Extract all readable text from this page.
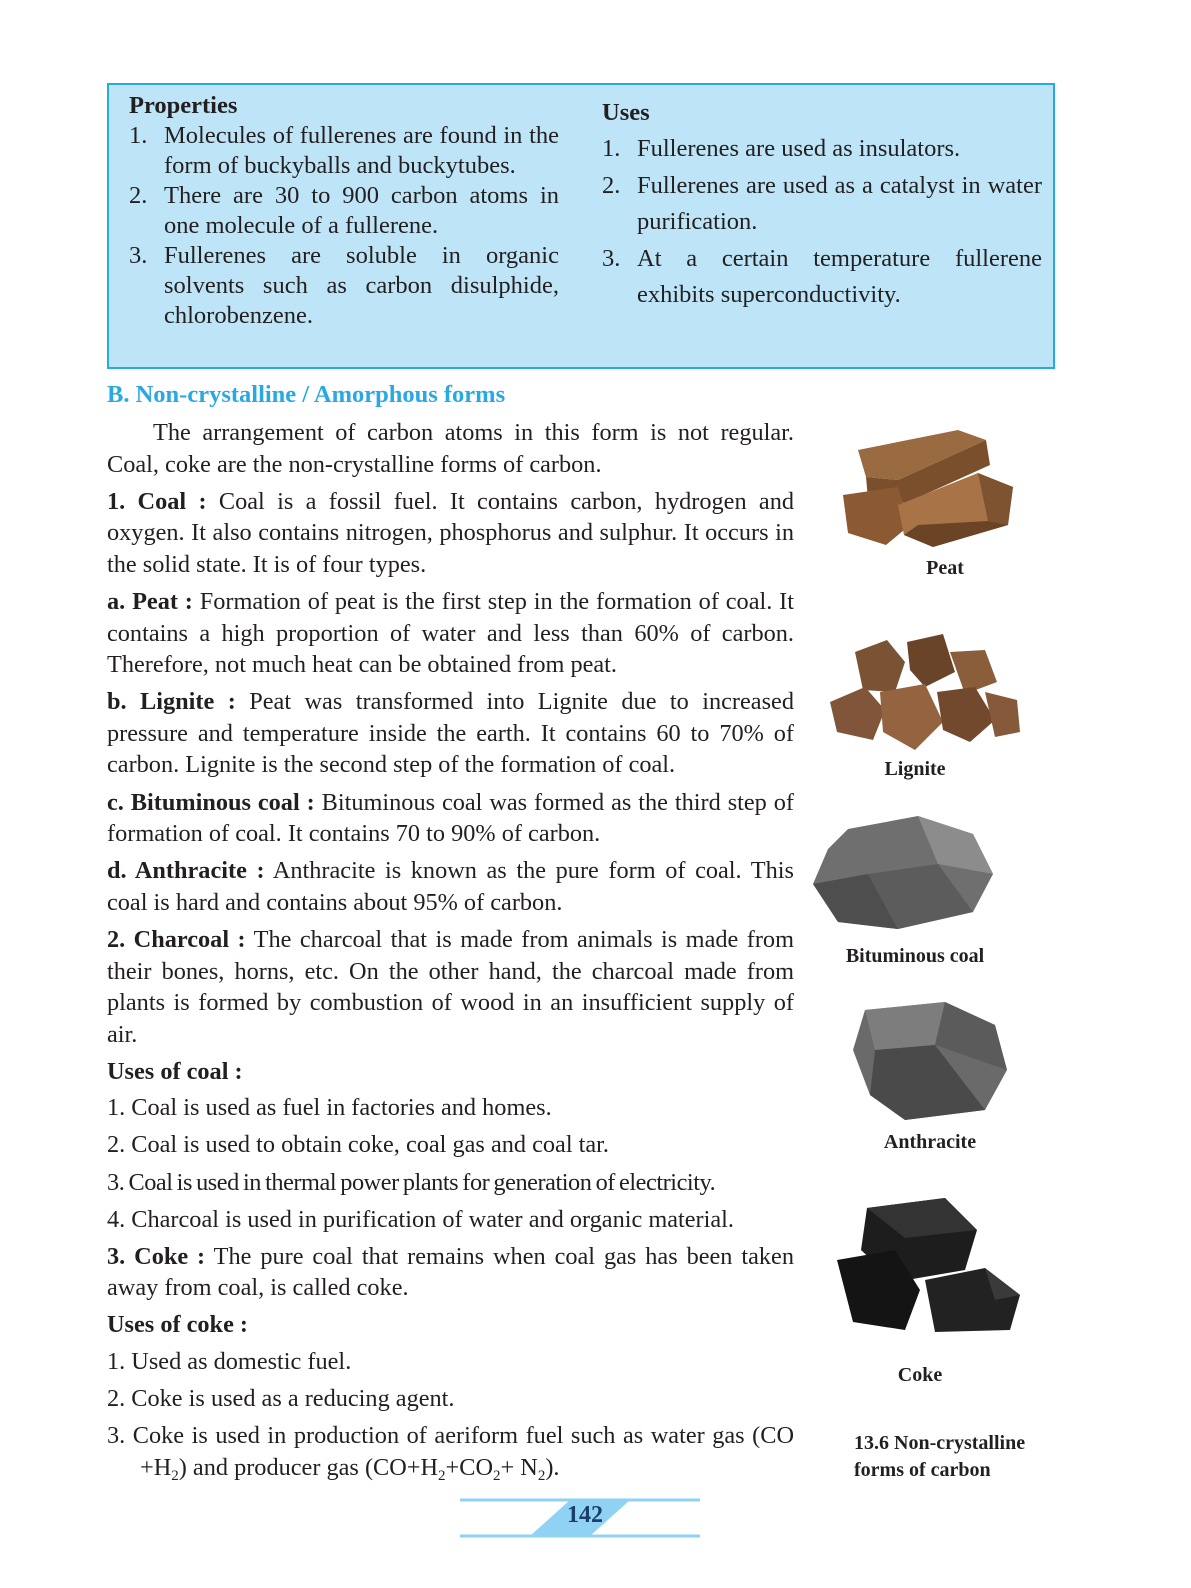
Properties
1. Molecules of fullerenes are found in the form of buckyballs and buckytubes.
2. There are 30 to 900 carbon atoms in one molecule of a fullerene.
3. Fullerenes are soluble in organic solvents such as carbon disulphide, chlorobenzene.
Uses
1. Fullerenes are used as insulators.
2. Fullerenes are used as a catalyst in water purification.
3. At a certain temperature fullerene exhibits superconductivity.
B. Non-crystalline / Amorphous forms

The arrangement of carbon atoms in this form is not regular. Coal, coke are the non-crystalline forms of carbon.

1. Coal : Coal is a fossil fuel. It contains carbon, hydrogen and oxygen. It also contains nitrogen, phosphorus and sulphur. It occurs in the solid state. It is of four types.

a. Peat : Formation of peat is the first step in the formation of coal. It contains a high proportion of water and less than 60% of carbon. Therefore, not much heat can be obtained from peat.

b. Lignite : Peat was transformed into Lignite due to increased pressure and temperature inside the earth. It contains 60 to 70% of carbon. Lignite is the second step of the formation of coal.

c. Bituminous coal : Bituminous coal was formed as the third step of formation of coal. It contains 70 to 90% of carbon.

d. Anthracite : Anthracite is known as the pure form of coal. This coal is hard and contains about 95% of carbon.

2. Charcoal : The charcoal that is made from animals is made from their bones, horns, etc. On the other hand, the charcoal made from plants is formed by combustion of wood in an insufficient supply of air.

Uses of coal :

1. Coal is used as fuel in factories and homes.

2. Coal is used to obtain coke, coal gas and coal tar.

3. Coal is used in thermal power plants for generation of electricity.

4. Charcoal is used in purification of water and organic material.

3. Coke : The pure coal that remains when coal gas has been taken away from coal, is called coke.

Uses of coke :

1. Used as domestic fuel.

2. Coke is used as a reducing agent.

3. Coke is used in production of aeriform fuel such as water gas $(CO +H_2)$ and producer gas $(CO+H_2+CO_2+ N_2)$.

Peat
Lignite
Bituminous coal
Anthracite
Coke
13.6 Non-crystalline
forms of carbon
142
